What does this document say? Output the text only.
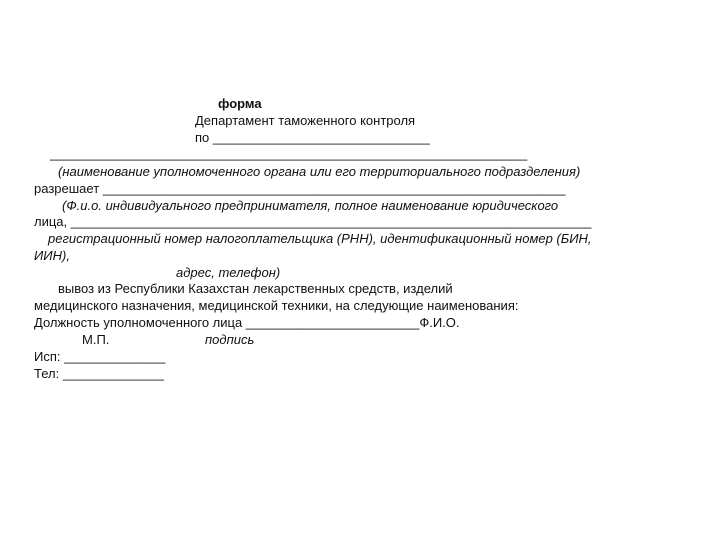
форма
Департамент таможенного контроля
по ______________________________
__________________________________________________________________
(наименование уполномоченного органа или его территориального подразделения)
разрешает ________________________________________________________________
(Ф.и.о. индивидуального предпринимателя, полное наименование юридического
лица, ________________________________________________________________________
регистрационный номер налогоплательщика (РНН), идентификационный номер (БИН,
ИИН),
адрес, телефон)
вывоз из Республики Казахстан лекарственных средств, изделий
медицинского назначения, медицинской техники, на следующие наименования:
Должность уполномоченного лица ________________________Ф.И.О.
М.П.	подпись
Исп: ______________
Тел: ______________
